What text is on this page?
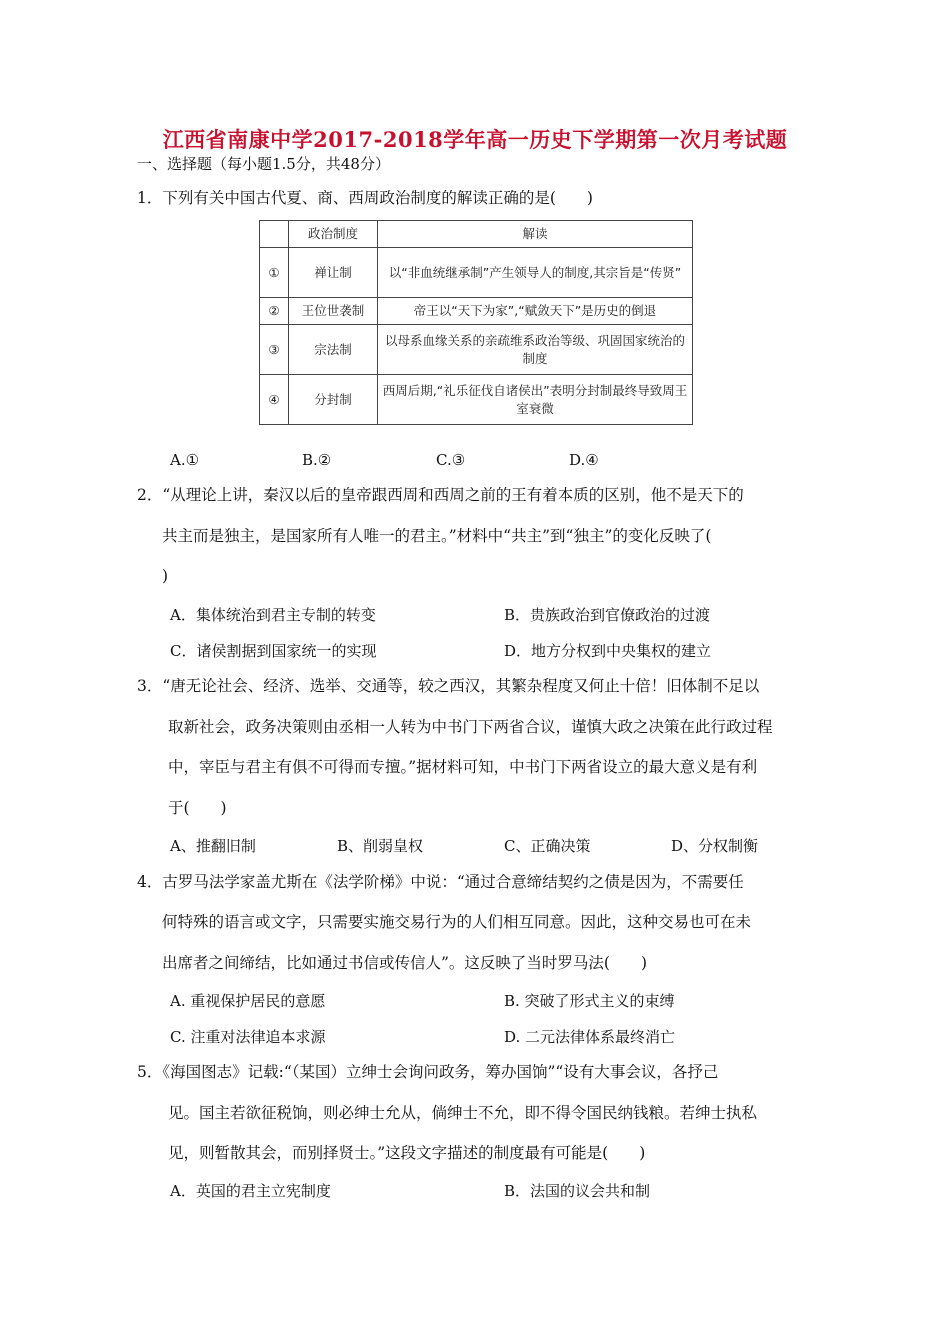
江西省南康中学2017-2018学年高一历史下学期第一次月考试题
一、选择题（每小题1.5分，共48分）
1．下列有关中国古代夏、商、西周政治制度的解读正确的是(　　)
	政治制度	解读
①	禅让制	以“非血统继承制”产生领导人的制度,其宗旨是“传贤”
②	王位世袭制	帝王以“天下为家”,“赋敛天下”是历史的倒退
③	宗法制	以母系血缘关系的亲疏维系政治等级、巩固国家统治的制度
④	分封制	西周后期,“礼乐征伐自诸侯出”表明分封制最终导致周王室衰微
A.①	B.②	C.③	D.④
2．“从理论上讲，秦汉以后的皇帝跟西周和西周之前的王有着本质的区别，他不是天下的
共主而是独主，是国家所有人唯一的君主。”材料中“共主”到“独主”的变化反映了(
)
A．集体统治到君主专制的转变	B．贵族政治到官僚政治的过渡
C．诸侯割据到国家统一的实现	D．地方分权到中央集权的建立
3．“唐无论社会、经济、选举、交通等，较之西汉，其繁杂程度又何止十倍！旧体制不足以
取新社会，政务决策则由丞相一人转为中书门下两省合议，谨慎大政之决策在此行政过程
中，宰臣与君主有俱不可得而专擅。”据材料可知，中书门下两省设立的最大意义是有利
于(　　)
A、推翻旧制	B、削弱皇权	C、正确决策	D、分权制衡
4．古罗马法学家盖尤斯在《法学阶梯》中说：“通过合意缔结契约之债是因为，不需要任
何特殊的语言或文字，只需要实施交易行为的人们相互同意。因此，这种交易也可在未
出席者之间缔结，比如通过书信或传信人”。这反映了当时罗马法(　　)
A. 重视保护居民的意愿	B. 突破了形式主义的束缚
C. 注重对法律追本求源	D. 二元法律体系最终消亡
5．《海国图志》记载:“（某国）立绅士会询问政务，筹办国饷”“设有大事会议，各抒己
见。国主若欲征税饷，则必绅士允从，倘绅士不允，即不得令国民纳钱粮。若绅士执私
见，则暂散其会，而别择贤士。”这段文字描述的制度最有可能是(　　)
A．英国的君主立宪制度	B．法国的议会共和制
